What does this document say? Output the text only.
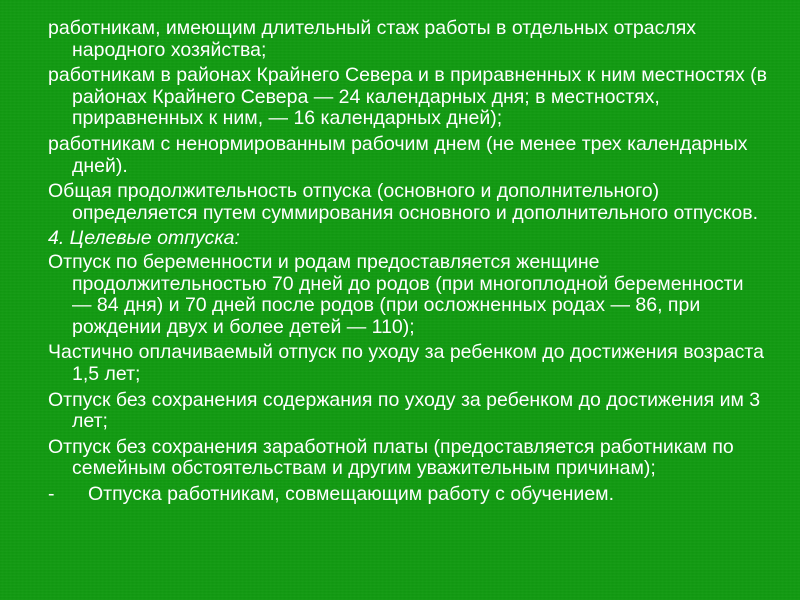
работникам, имеющим длительный стаж работы в отдельных отраслях народного хозяйства;

работникам в районах Крайнего Севера и в приравненных к ним местностях (в районах Крайнего Севера — 24 календарных дня; в местностях, приравненных к ним, — 16 календарных дней);

работникам с ненормированным рабочим днем (не менее трех календарных дней).

Общая продолжительность отпуска (основного и дополнительного) определяется путем суммирования основного и дополнительного отпусков.

4. Целевые отпуска:

Отпуск по беременности и родам предоставляется женщине продолжительностью 70 дней до родов (при многоплодной беременности — 84 дня) и 70 дней после родов (при осложненных родах — 86, при рождении двух и более детей — 110);

Частично оплачиваемый отпуск по уходу за ребенком до достижения возраста 1,5 лет;

Отпуск без сохранения содержания по уходу за ребенком до достижения им 3 лет;

Отпуск без сохранения заработной платы (предоставляется работникам по семейным обстоятельствам и другим уважительным причинам);

-	Отпуска работникам, совмещающим работу с обучением.
